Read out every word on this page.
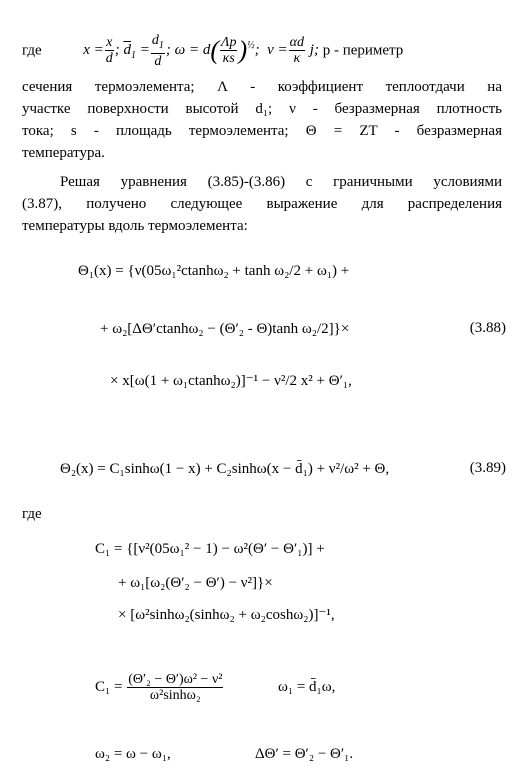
где	$x = \frac{x}{d}$ ; $\overline{d}_1 = \frac{d_1}{d}$ ; $\omega = d( \frac{\Lambda p}{\kappa s} )^{\frac{1}{2}}$;  $\nu = \frac{\alpha d}{\kappa} j$; p - периметр
сечения термоэлемента; Λ - коэффициент теплоотдачи на
участке поверхности высотой d₁; ν - безразмерная плотность
тока; s - площадь термоэлемента; Θ = ZT - безразмерная
температура.
Решая уравнения (3.85)-(3.86) с граничными условиями
(3.87), получено следующее выражение для распределения
температуры вдоль термоэлемента:
Θ₁(x) = {ν(05ω₁²ctanhω₂ + tanh ω₂/2 + ω₁) +
+ ω₂[ΔΘ′ctanhω₂ − (Θ′₂ - Θ)tanh ω₂/2]}×	(3.88)
× x[ω(1 + ω₁ctanhω₂)]⁻¹ − ν²/2 x² + Θ′₁,
Θ₂(x) = C₁sinhω(1 − x) + C₂sinhω(x − d̄₁) + ν²/ω² + Θ,	(3.89)
где
C₁ = {[ν²(05ω₁² − 1) − ω²(Θ′ − Θ′₁)] +
+ ω₁[ω₂(Θ′₂ − Θ′) − ν²]}×
× [ω²sinhω₂(sinhω₂ + ω₂coshω₂)]⁻¹,
$C_1 = \frac{\text{(Θ′₂ − Θ′)ω² − ν²}}{\text{ω²sinhω₂}}$	ω₁ = d̄₁ω,
ω₂ = ω − ω₁,	ΔΘ′ = Θ′₂ − Θ′₁.
